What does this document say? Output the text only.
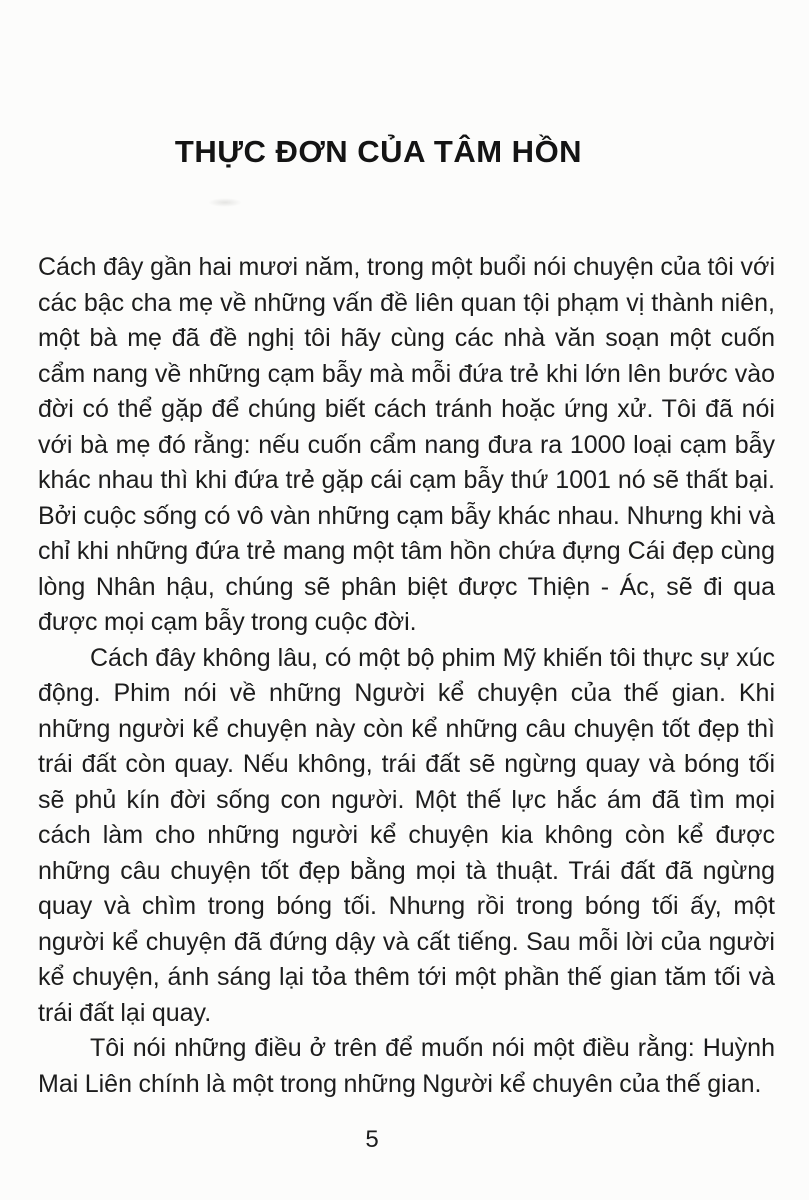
THỰC ĐƠN CỦA TÂM HỒN

Cách đây gần hai mươi năm, trong một buổi nói chuyện của tôi với các bậc cha mẹ về những vấn đề liên quan tội phạm vị thành niên, một bà mẹ đã đề nghị tôi hãy cùng các nhà văn soạn một cuốn cẩm nang về những cạm bẫy mà mỗi đứa trẻ khi lớn lên bước vào đời có thể gặp để chúng biết cách tránh hoặc ứng xử. Tôi đã nói với bà mẹ đó rằng: nếu cuốn cẩm nang đưa ra 1000 loại cạm bẫy khác nhau thì khi đứa trẻ gặp cái cạm bẫy thứ 1001 nó sẽ thất bại. Bởi cuộc sống có vô vàn những cạm bẫy khác nhau. Nhưng khi và chỉ khi những đứa trẻ mang một tâm hồn chứa đựng Cái đẹp cùng lòng Nhân hậu, chúng sẽ phân biệt được Thiện - Ác, sẽ đi qua được mọi cạm bẫy trong cuộc đời.

Cách đây không lâu, có một bộ phim Mỹ khiến tôi thực sự xúc động. Phim nói về những Người kể chuyện của thế gian. Khi những người kể chuyện này còn kể những câu chuyện tốt đẹp thì trái đất còn quay. Nếu không, trái đất sẽ ngừng quay và bóng tối sẽ phủ kín đời sống con người. Một thế lực hắc ám đã tìm mọi cách làm cho những người kể chuyện kia không còn kể được những câu chuyện tốt đẹp bằng mọi tà thuật. Trái đất đã ngừng quay và chìm trong bóng tối. Nhưng rồi trong bóng tối ấy, một người kể chuyện đã đứng dậy và cất tiếng. Sau mỗi lời của người kể chuyện, ánh sáng lại tỏa thêm tới một phần thế gian tăm tối và trái đất lại quay.

Tôi nói những điều ở trên để muốn nói một điều rằng: Huỳnh Mai Liên chính là một trong những Người kể chuyên của thế gian.

5
